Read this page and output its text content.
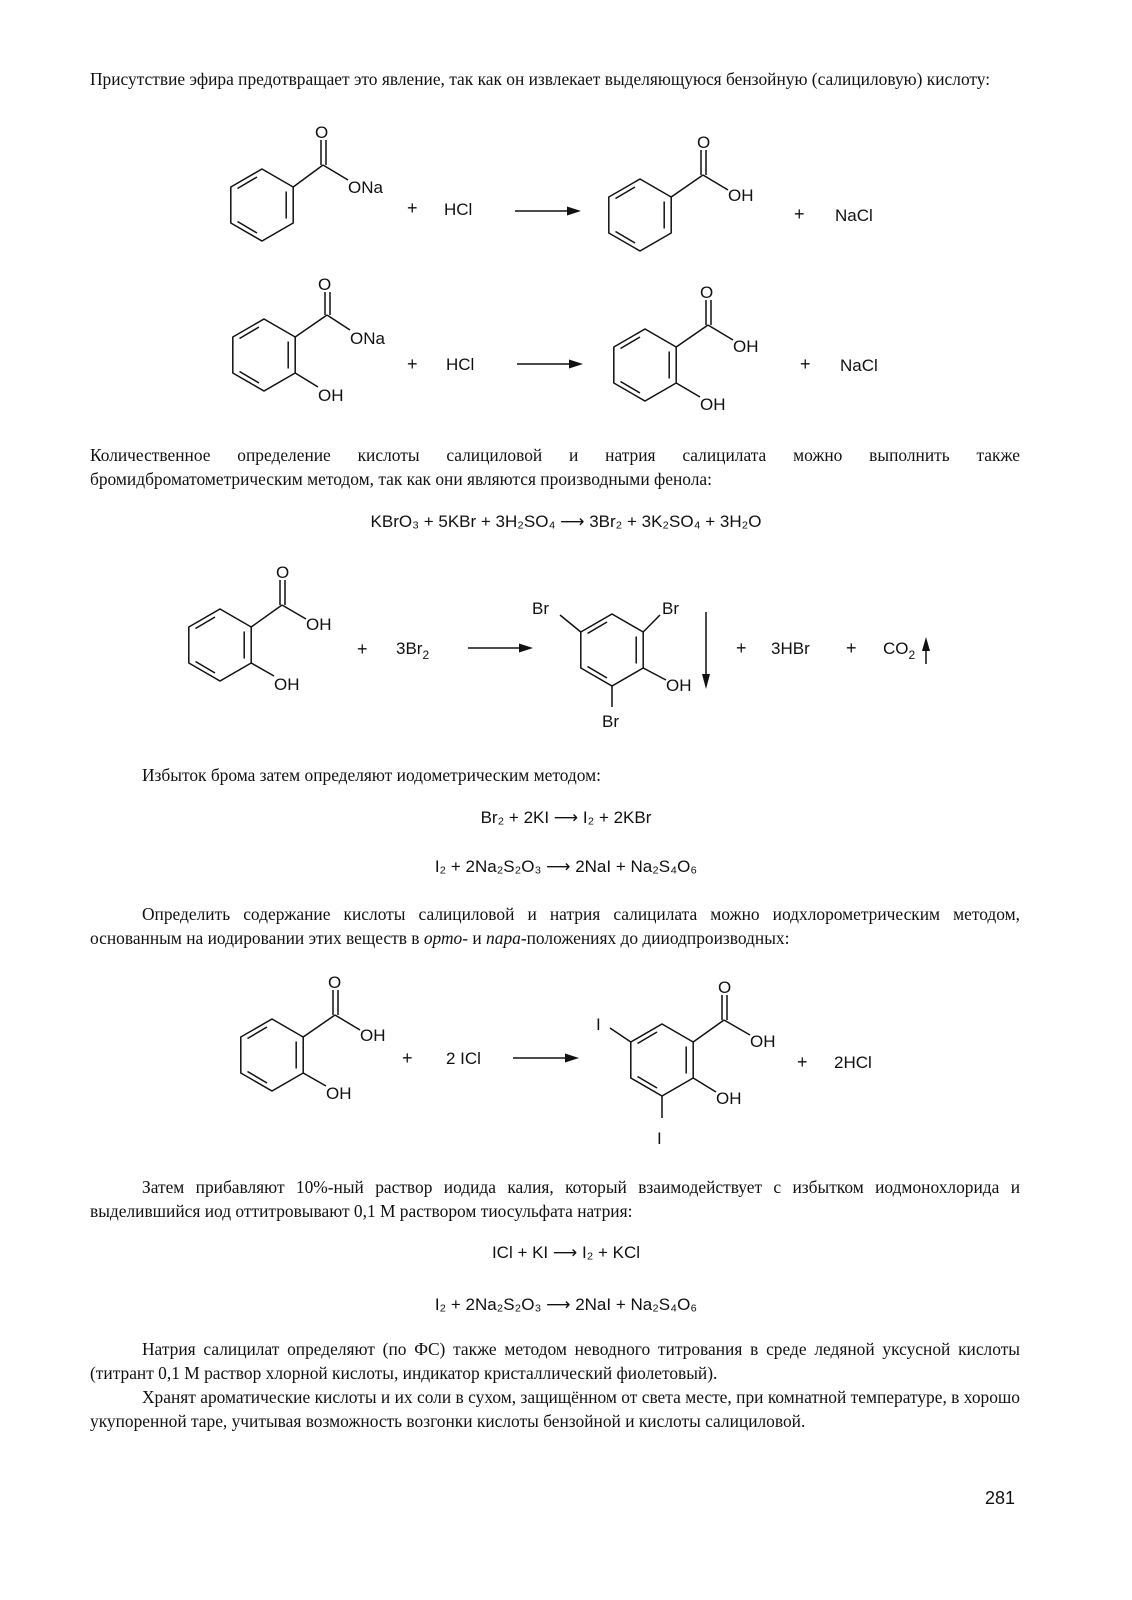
Присутствие эфира предотвращает это явление, так как он извлекает выделяющуюся бензойную (салициловую) кислоту:

O
ONa
+ HCl
O
OH
+ NaCl
O
ONa
OH
+ HCl
O
OH
OH
+ NaCl
O
OH
OH
+ $3Br_2$
Br	Br
OH
Br
+ $3HBr + CO_2$
O
OH
OH
+ 2 ICl
I
O
OH
OH
I
+ 2HCl

Количественное определение кислоты салициловой и натрия салицилата можно выполнить также бромидброматометрическим методом, так как они являются производными фенола:

KBrO₃ + 5KBr + 3H₂SO₄ ⟶ 3Br₂ + 3K₂SO₄ + 3H₂O

Избыток брома затем определяют иодометрическим методом:

Br₂ + 2KI ⟶ I₂ + 2KBr
I₂ + 2Na₂S₂O₃ ⟶ 2NaI + Na₂S₄O₆

Определить содержание кислоты салициловой и натрия салицилата можно иодхлорометрическим методом, основанным на иодировании этих веществ в орто- и пара-положениях до дииодпроизводных:

Затем прибавляют 10%-ный раствор иодида калия, который взаимодействует с избытком иодмонохлорида и выделившийся иод оттитровывают 0,1 М раствором тиосульфата натрия:

ICl + KI ⟶ I₂ + KCl
I₂ + 2Na₂S₂O₃ ⟶ 2NaI + Na₂S₄O₆

Натрия салицилат определяют (по ФС) также методом неводного титрования в среде ледяной уксусной кислоты (титрант 0,1 М раствор хлорной кислоты, индикатор кристаллический фиолетовый).

Хранят ароматические кислоты и их соли в сухом, защищённом от света месте, при комнатной температуре, в хорошо укупоренной таре, учитывая возможность возгонки кислоты бензойной и кислоты салициловой.

281
